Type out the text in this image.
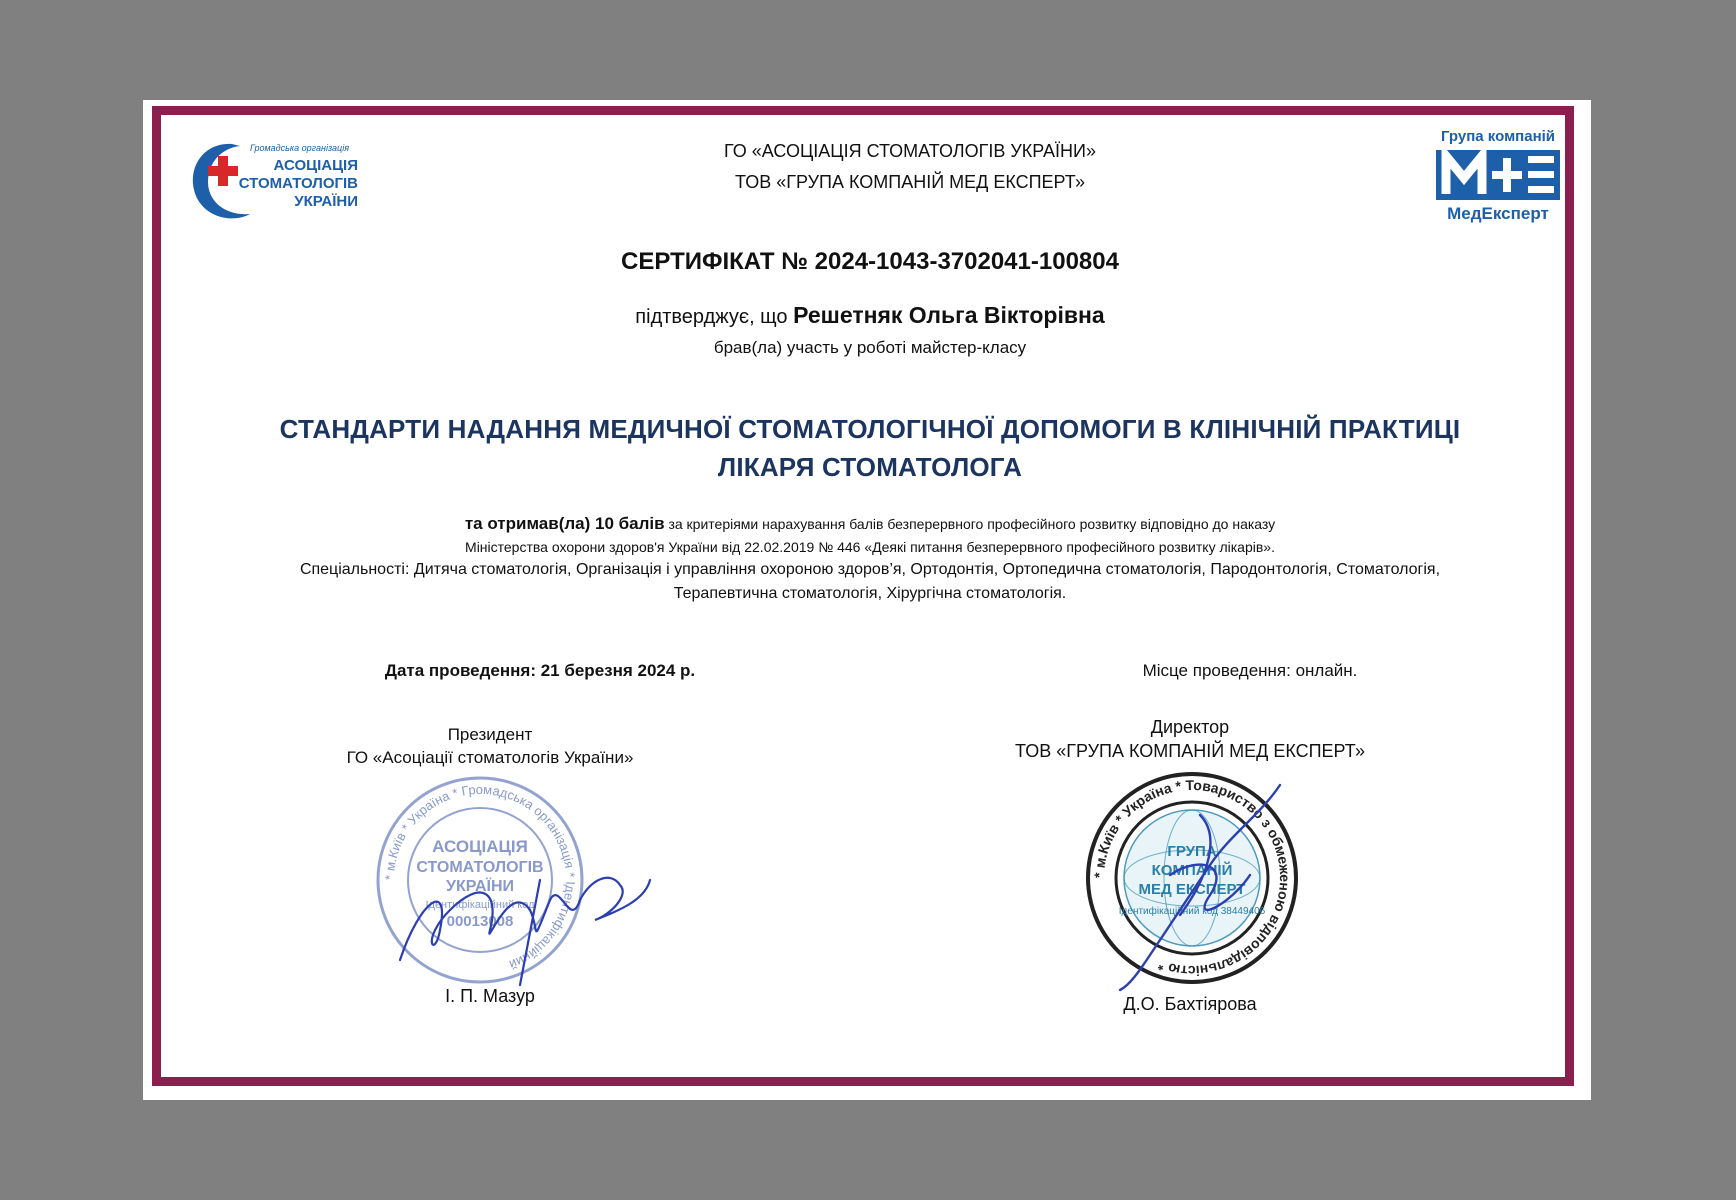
Громадська організація
АСОЦІАЦІЯ
СТОМАТОЛОГІВ
УКРАЇНИ
Група компаній
МедЕксперт
ГО «АСОЦІАЦІЯ СТОМАТОЛОГІВ УКРАЇНИ»
ТОВ «ГРУПА КОМПАНІЙ МЕД ЕКСПЕРТ»
СЕРТИФІКАТ № 2024-1043-3702041-100804
підтверджує, що Решетняк Ольга Вікторівна
брав(ла) участь у роботі майстер-класу
СТАНДАРТИ НАДАННЯ МЕДИЧНОЇ СТОМАТОЛОГІЧНОЇ ДОПОМОГИ В КЛІНІЧНІЙ ПРАКТИЦІ
ЛІКАРЯ СТОМАТОЛОГА
та отримав(ла) 10 балів за критеріями нарахування балів безперервного професійного розвитку відповідно до наказу
Міністерства охорони здоров'я України від 22.02.2019 № 446 «Деякі питання безперервного професійного розвитку лікарів».
Спеціальності: Дитяча стоматологія, Організація і управління охороною здоров’я, Ортодонтія, Ортопедична стоматологія, Пародонтологія, Стоматологія,
Терапевтична стоматологія, Хірургічна стоматологія.
Дата проведення: 21 березня 2024 р.	Місце проведення: онлайн.
Президент
ГО «Асоціації стоматологів України»
Директор
ТОВ «ГРУПА КОМПАНІЙ МЕД ЕКСПЕРТ»
* м.Київ * Україна * Громадська організація * Ідентифікаційний
АСОЦІАЦІЯ
СТОМАТОЛОГІВ
УКРАЇНИ
Ідентифікаційний код
00013008
* м.Київ * Україна * Товариство з обмеженою відповідальністю *
ГРУПА
КОМПАНІЙ
МЕД ЕКСПЕРТ
Ідентифікаційний код 38449406
І. П. Мазур	Д.О. Бахтіярова
